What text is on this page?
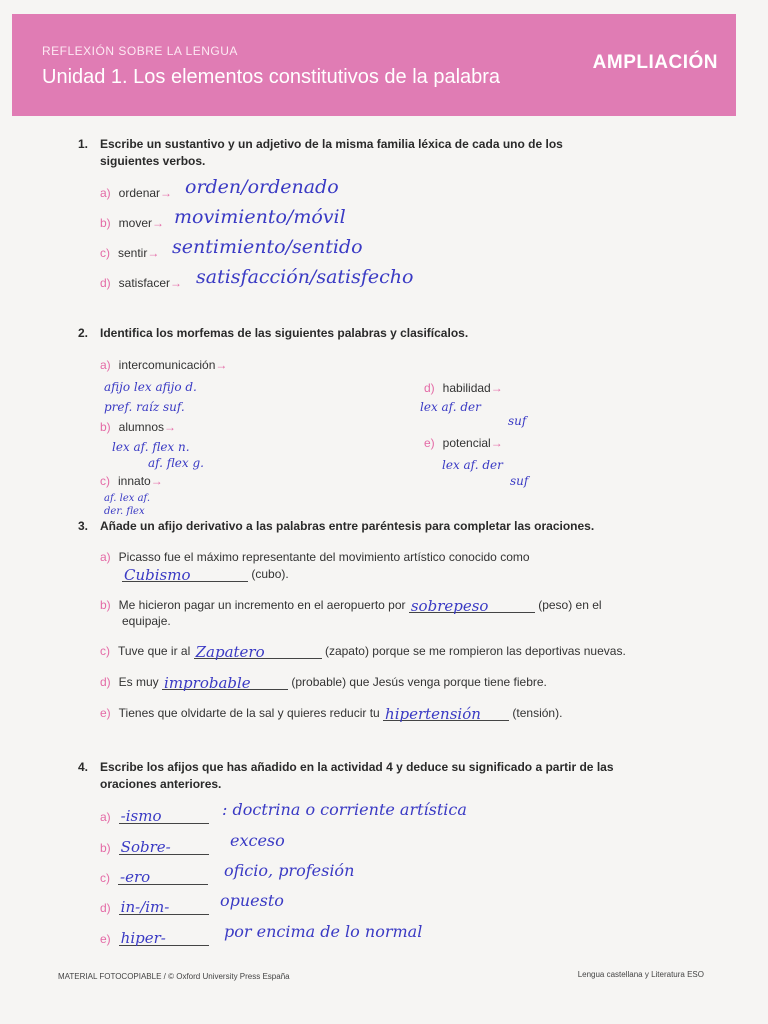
REFLEXIÓN SOBRE LA LENGUA
Unidad 1. Los elementos constitutivos de la palabra
AMPLIACIÓN
1. Escribe un sustantivo y un adjetivo de la misma familia léxica de cada uno de los
siguientes verbos.
a) ordenar→ orden/ordenado
b) mover→ movimiento/móvil
c) sentir→ sentimiento/sentido
d) satisfacer→ satisfacción/satisfecho
2. Identifica los morfemas de las siguientes palabras y clasifícalos.
a) intercomunicación→
afijo lex afijo d.
pref. raíz suf.
b) alumnos→
lex af. flex n.
af. flex g.
c) innato→
af. lex af.
der. flex
d) habilidad→
lex af. der
suf
e) potencial→
lex af. der
suf
3. Añade un afijo derivativo a las palabras entre paréntesis para completar las oraciones.
a) Picasso fue el máximo representante del movimiento artístico conocido como

Cubismo	(cubo).
b) Me hicieron pagar un incremento en el aeropuerto por sobrepeso	(peso) en el
equipaje.
c) Tuve que ir al Zapatero	(zapato) porque se me rompieron las deportivas nuevas.
d) Es muy improbable	(probable) que Jesús venga porque tiene fiebre.
e) Tienes que olvidarte de la sal y quieres reducir tu hipertensión	(tensión).
4. Escribe los afijos que has añadido en la actividad 4 y deduce su significado a partir de las
oraciones anteriores.
a) -ismo	: doctrina o corriente artística
b) Sobre-	exceso
c) -ero	oficio, profesión
d) in-/im-	opuesto
e) hiper-	por encima de lo normal
MATERIAL FOTOCOPIABLE / © Oxford University Press España	Lengua castellana y Literatura ESO
